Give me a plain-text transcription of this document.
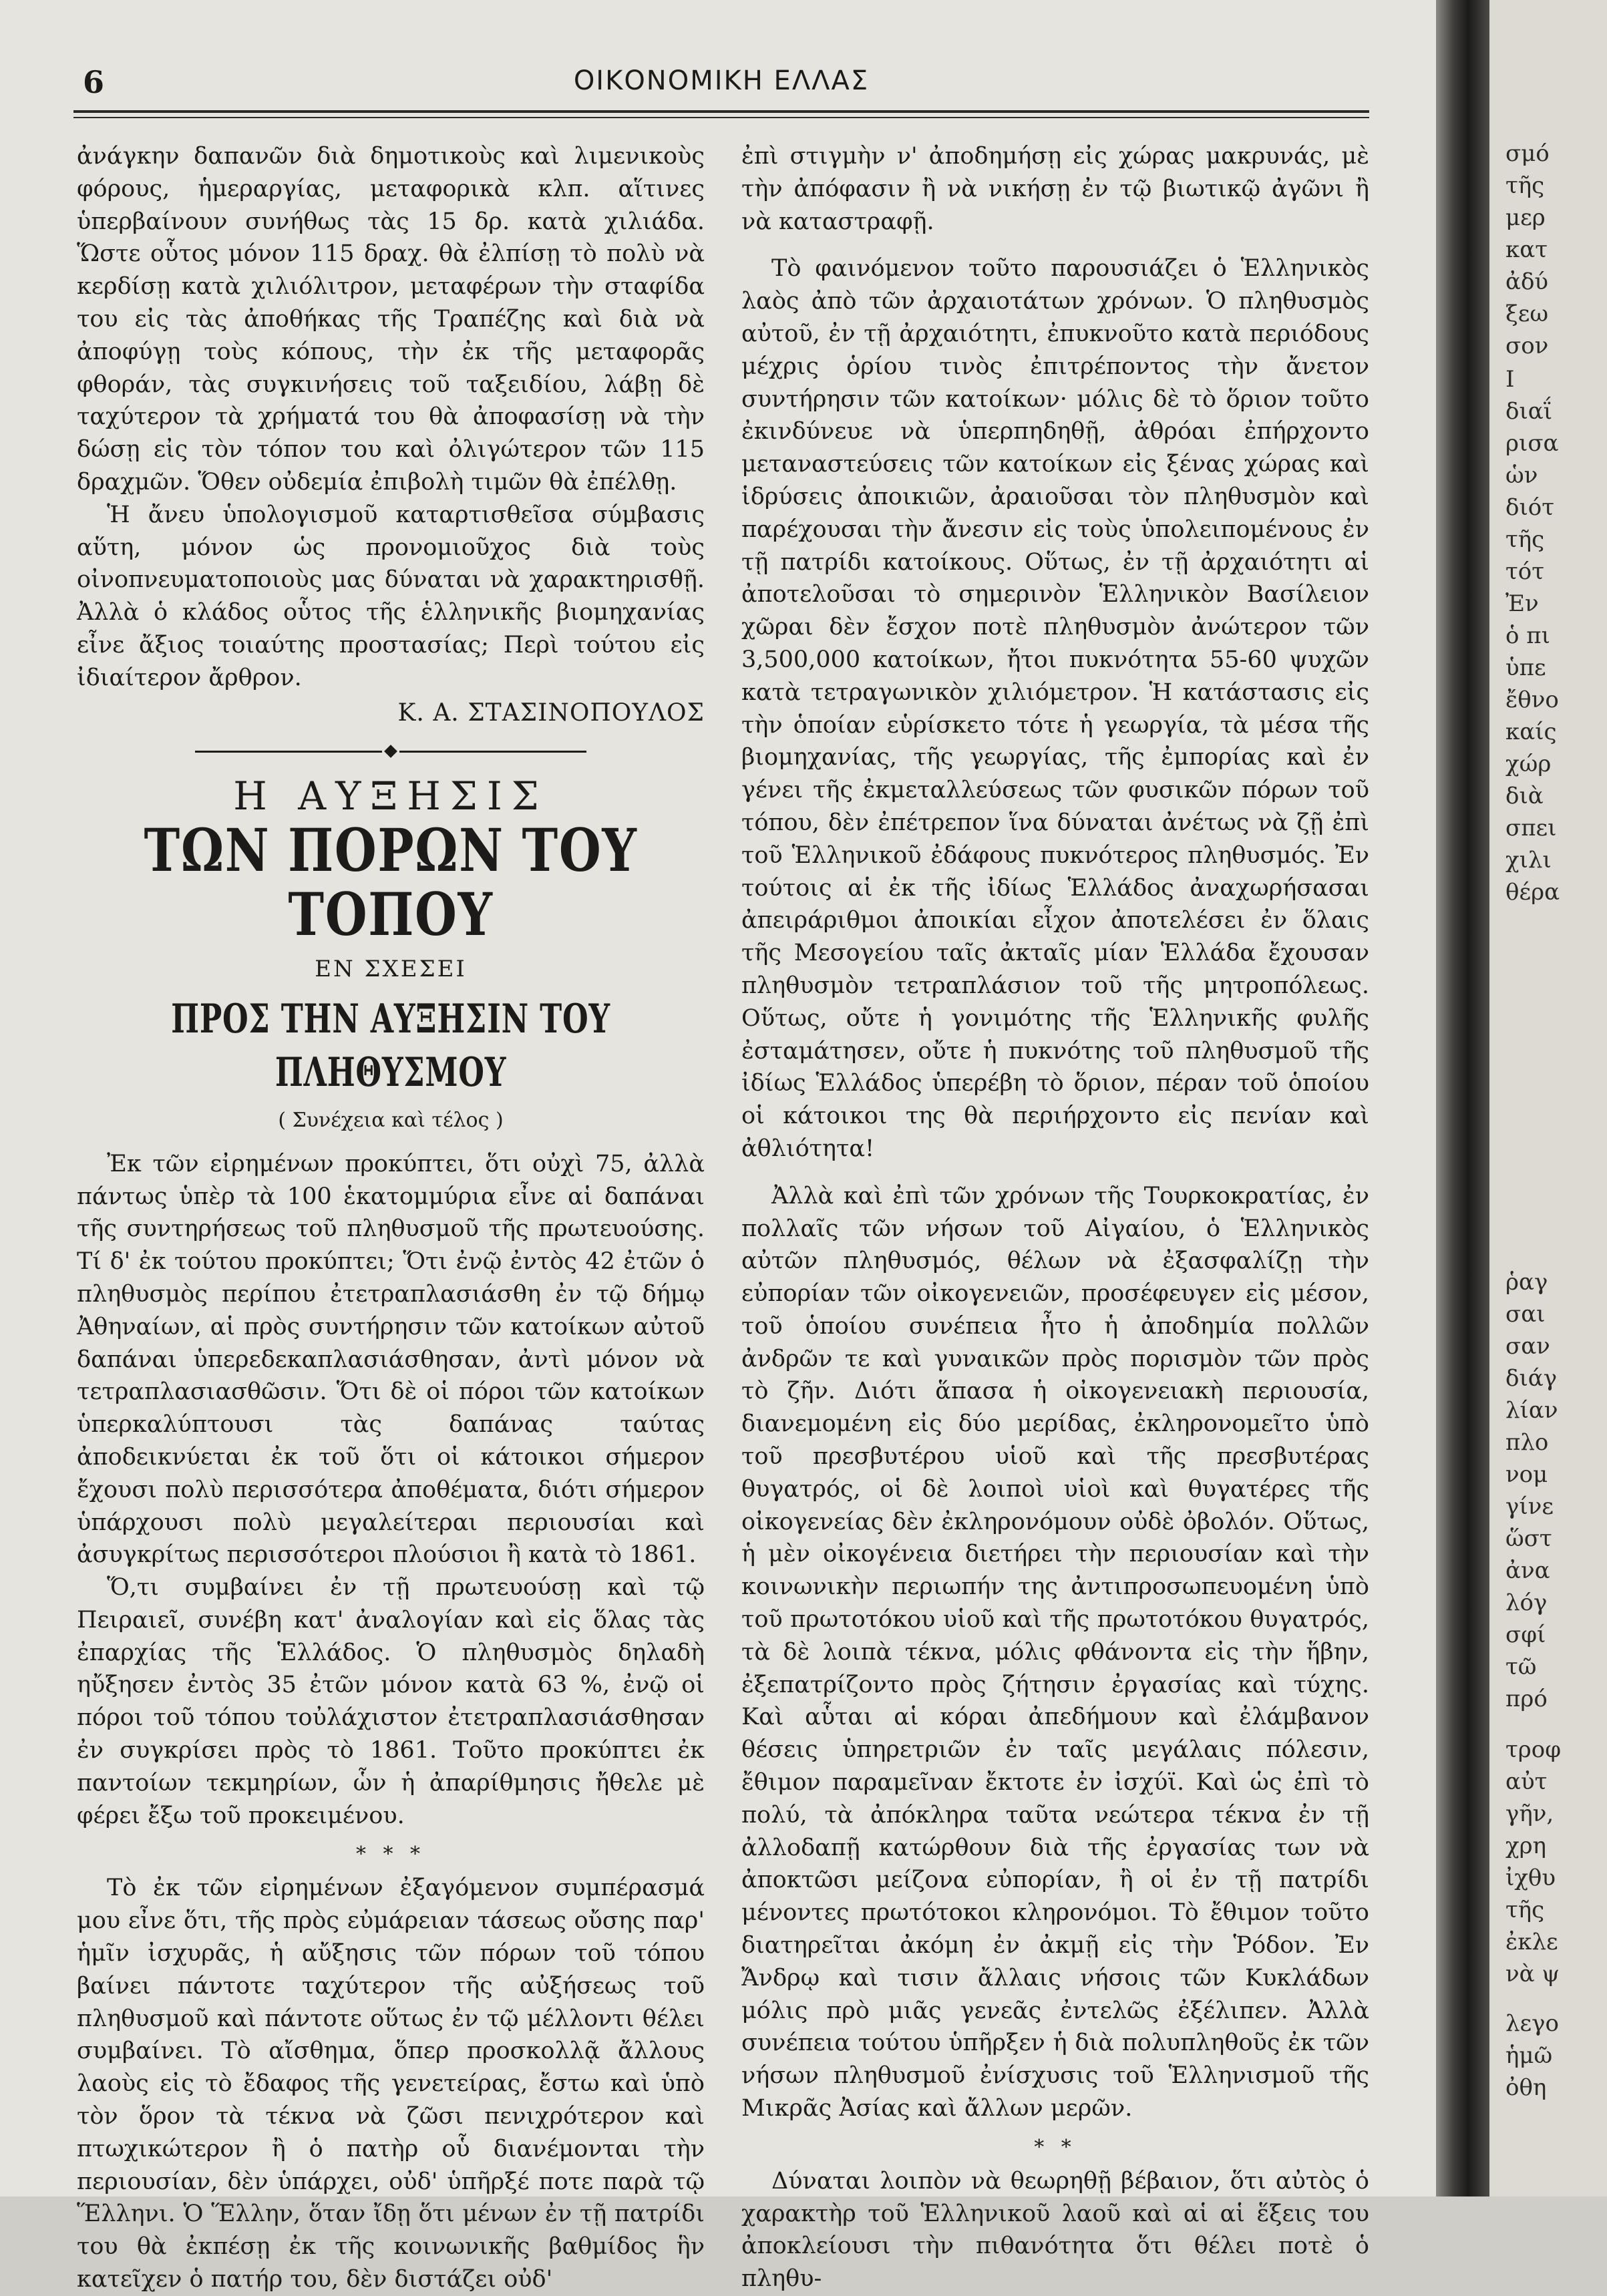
6	ΟΙΚΟΝΟΜΙΚΗ ΕΛΛΑΣ

ἀνάγκην δαπανῶν διὰ δημοτικοὺς καὶ λιμενικοὺς φόρους, ἡμεραργίας, μεταφορικὰ κλπ. αἵτινες ὑπερβαίνουν συνήθως τὰς 15 δρ. κατὰ χιλιάδα. Ὥστε οὗτος μόνον 115 δραχ. θὰ ἐλπίσῃ τὸ πολὺ νὰ κερδίσῃ κατὰ χιλιόλιτρον, μεταφέρων τὴν σταφίδα του εἰς τὰς ἀποθήκας τῆς Τραπέζης καὶ διὰ νὰ ἀποφύγῃ τοὺς κόπους, τὴν ἐκ τῆς μεταφορᾶς φθοράν, τὰς συγκινήσεις τοῦ ταξειδίου, λάβῃ δὲ ταχύτερον τὰ χρήματά του θὰ ἀποφασίσῃ νὰ τὴν δώσῃ εἰς τὸν τόπον του καὶ ὀλιγώτερον τῶν 115 δραχμῶν. Ὅθεν οὐδεμία ἐπιβολὴ τιμῶν θὰ ἐπέλθῃ.

Ἡ ἄνευ ὑπολογισμοῦ καταρτισθεῖσα σύμβασις αὕτη, μόνον ὡς προνομιοῦχος διὰ τοὺς οἰνοπνευματοποιοὺς μας δύναται νὰ χαρακτηρισθῇ. Ἀλλὰ ὁ κλάδος οὗτος τῆς ἑλληνικῆς βιομηχανίας εἶνε ἄξιος τοιαύτης προστασίας; Περὶ τούτου εἰς ἰδιαίτερον ἄρθρον.

Κ. Α. ΣΤΑΣΙΝΟΠΟΥΛΟΣ

Η ΑΥΞΗΣΙΣ

ΤΩΝ ΠΟΡΩΝ ΤΟΥ ΤΟΠΟΥ

ΕΝ ΣΧΕΣΕΙ

ΠΡΟΣ ΤΗΝ ΑΥΞΗΣΙΝ ΤΟΥ ΠΛΗΘΥΣΜΟΥ

( Συνέχεια καὶ τέλος )

Ἐκ τῶν εἰρημένων προκύπτει, ὅτι οὐχὶ 75, ἀλλὰ πάντως ὑπὲρ τὰ 100 ἑκατομμύρια εἶνε αἱ δαπάναι τῆς συντηρήσεως τοῦ πληθυσμοῦ τῆς πρωτευούσης. Τί δ' ἐκ τούτου προκύπτει; Ὅτι ἐνῷ ἐντὸς 42 ἐτῶν ὁ πληθυσμὸς περίπου ἐτετραπλασιάσθη ἐν τῷ δήμῳ Ἀθηναίων, αἱ πρὸς συντήρησιν τῶν κατοίκων αὐτοῦ δαπάναι ὑπερεδεκαπλασιάσθησαν, ἀντὶ μόνον νὰ τετραπλασιασθῶσιν. Ὅτι δὲ οἱ πόροι τῶν κατοίκων ὑπερκαλύπτουσι τὰς δαπάνας ταύτας ἀποδεικνύεται ἐκ τοῦ ὅτι οἱ κάτοικοι σήμερον ἔχουσι πολὺ περισσότερα ἀποθέματα, διότι σήμερον ὑπάρχουσι πολὺ μεγαλείτεραι περιουσίαι καὶ ἀσυγκρίτως περισσότεροι πλούσιοι ἢ κατὰ τὸ 1861.

Ὅ,τι συμβαίνει ἐν τῇ πρωτευούσῃ καὶ τῷ Πειραιεῖ, συνέβη κατ' ἀναλογίαν καὶ εἰς ὅλας τὰς ἐπαρχίας τῆς Ἑλλάδος. Ὁ πληθυσμὸς δηλαδὴ ηὔξησεν ἐντὸς 35 ἐτῶν μόνον κατὰ 63 %, ἐνῷ οἱ πόροι τοῦ τόπου τοὐλάχιστον ἐτετραπλασιάσθησαν ἐν συγκρίσει πρὸς τὸ 1861. Τοῦτο προκύπτει ἐκ παντοίων τεκμηρίων, ὧν ἡ ἀπαρίθμησις ἤθελε μὲ φέρει ἔξω τοῦ προκειμένου.

* * *

Τὸ ἐκ τῶν εἰρημένων ἐξαγόμενον συμπέρασμά μου εἶνε ὅτι, τῆς πρὸς εὐμάρειαν τάσεως οὔσης παρ' ἡμῖν ἰσχυρᾶς, ἡ αὔξησις τῶν πόρων τοῦ τόπου βαίνει πάντοτε ταχύτερον τῆς αὐξήσεως τοῦ πληθυσμοῦ καὶ πάντοτε οὕτως ἐν τῷ μέλλοντι θέλει συμβαίνει. Τὸ αἴσθημα, ὅπερ προσκολλᾷ ἄλλους λαοὺς εἰς τὸ ἔδαφος τῆς γενετείρας, ἔστω καὶ ὑπὸ τὸν ὅρον τὰ τέκνα νὰ ζῶσι πενιχρότερον καὶ πτωχικώτερον ἢ ὁ πατὴρ οὗ διανέμονται τὴν περιουσίαν, δὲν ὑπάρχει, οὐδ' ὑπῆρξέ ποτε παρὰ τῷ Ἕλληνι. Ὁ Ἕλλην, ὅταν ἴδῃ ὅτι μένων ἐν τῇ πατρίδι του θὰ ἐκπέσῃ ἐκ τῆς κοινωνικῆς βαθμίδος ἣν κατεῖχεν ὁ πατήρ του, δὲν διστάζει οὐδ'

ἐπὶ στιγμὴν ν' ἀποδημήσῃ εἰς χώρας μακρυνάς, μὲ τὴν ἀπόφασιν ἢ νὰ νικήσῃ ἐν τῷ βιωτικῷ ἀγῶνι ἢ νὰ καταστραφῇ.

Τὸ φαινόμενον τοῦτο παρουσιάζει ὁ Ἑλληνικὸς λαὸς ἀπὸ τῶν ἀρχαιοτάτων χρόνων. Ὁ πληθυσμὸς αὐτοῦ, ἐν τῇ ἀρχαιότητι, ἐπυκνοῦτο κατὰ περιόδους μέχρις ὁρίου τινὸς ἐπιτρέποντος τὴν ἄνετον συντήρησιν τῶν κατοίκων· μόλις δὲ τὸ ὅριον τοῦτο ἐκινδύνευε νὰ ὑπερπηδηθῇ, ἀθρόαι ἐπήρχοντο μεταναστεύσεις τῶν κατοίκων εἰς ξένας χώρας καὶ ἱδρύσεις ἀποικιῶν, ἀραιοῦσαι τὸν πληθυσμὸν καὶ παρέχουσαι τὴν ἄνεσιν εἰς τοὺς ὑπολειπομένους ἐν τῇ πατρίδι κατοίκους. Οὕτως, ἐν τῇ ἀρχαιότητι αἱ ἀποτελοῦσαι τὸ σημερινὸν Ἑλληνικὸν Βασίλειον χῶραι δὲν ἔσχον ποτὲ πληθυσμὸν ἀνώτερον τῶν 3,500,000 κατοίκων, ἤτοι πυκνότητα 55-60 ψυχῶν κατὰ τετραγωνικὸν χιλιόμετρον. Ἡ κατάστασις εἰς τὴν ὁποίαν εὑρίσκετο τότε ἡ γεωργία, τὰ μέσα τῆς βιομηχανίας, τῆς γεωργίας, τῆς ἐμπορίας καὶ ἐν γένει τῆς ἐκμεταλλεύσεως τῶν φυσικῶν πόρων τοῦ τόπου, δὲν ἐπέτρεπον ἵνα δύναται ἀνέτως νὰ ζῇ ἐπὶ τοῦ Ἑλληνικοῦ ἐδάφους πυκνότερος πληθυσμός. Ἐν τούτοις αἱ ἐκ τῆς ἰδίως Ἑλλάδος ἀναχωρήσασαι ἀπειράριθμοι ἀποικίαι εἶχον ἀποτελέσει ἐν ὅλαις τῆς Μεσογείου ταῖς ἀκταῖς μίαν Ἑλλάδα ἔχουσαν πληθυσμὸν τετραπλάσιον τοῦ τῆς μητροπόλεως. Οὕτως, οὔτε ἡ γονιμότης τῆς Ἑλληνικῆς φυλῆς ἐσταμάτησεν, οὔτε ἡ πυκνότης τοῦ πληθυσμοῦ τῆς ἰδίως Ἑλλάδος ὑπερέβη τὸ ὅριον, πέραν τοῦ ὁποίου οἱ κάτοικοι της θὰ περιήρχοντο εἰς πενίαν καὶ ἀθλιότητα!

Ἀλλὰ καὶ ἐπὶ τῶν χρόνων τῆς Τουρκοκρατίας, ἐν πολλαῖς τῶν νήσων τοῦ Αἰγαίου, ὁ Ἑλληνικὸς αὐτῶν πληθυσμός, θέλων νὰ ἐξασφαλίζῃ τὴν εὐπορίαν τῶν οἰκογενειῶν, προσέφευγεν εἰς μέσον, τοῦ ὁποίου συνέπεια ἦτο ἡ ἀποδημία πολλῶν ἀνδρῶν τε καὶ γυναικῶν πρὸς πορισμὸν τῶν πρὸς τὸ ζῆν. Διότι ἅπασα ἡ οἰκογενειακὴ περιουσία, διανεμομένη εἰς δύο μερίδας, ἐκληρονομεῖτο ὑπὸ τοῦ πρεσβυτέρου υἱοῦ καὶ τῆς πρεσβυτέρας θυγατρός, οἱ δὲ λοιποὶ υἱοὶ καὶ θυγατέρες τῆς οἰκογενείας δὲν ἐκληρονόμουν οὐδὲ ὀβολόν. Οὕτως, ἡ μὲν οἰκογένεια διετήρει τὴν περιουσίαν καὶ τὴν κοινωνικὴν περιωπήν της ἀντιπροσωπευομένη ὑπὸ τοῦ πρωτοτόκου υἱοῦ καὶ τῆς πρωτοτόκου θυγατρός, τὰ δὲ λοιπὰ τέκνα, μόλις φθάνοντα εἰς τὴν ἥβην, ἐξεπατρίζοντο πρὸς ζήτησιν ἐργασίας καὶ τύχης. Καὶ αὗται αἱ κόραι ἀπεδήμουν καὶ ἐλάμβανον θέσεις ὑπηρετριῶν ἐν ταῖς μεγάλαις πόλεσιν, ἔθιμον παραμεῖναν ἔκτοτε ἐν ἰσχύϊ. Καὶ ὡς ἐπὶ τὸ πολύ, τὰ ἀπόκληρα ταῦτα νεώτερα τέκνα ἐν τῇ ἀλλοδαπῇ κατώρθουν διὰ τῆς ἐργασίας των νὰ ἀποκτῶσι μείζονα εὐπορίαν, ἢ οἱ ἐν τῇ πατρίδι μένοντες πρωτότοκοι κληρονόμοι. Τὸ ἔθιμον τοῦτο διατηρεῖται ἀκόμη ἐν ἀκμῇ εἰς τὴν Ῥόδον. Ἐν Ἄνδρῳ καὶ τισιν ἄλλαις νήσοις τῶν Κυκλάδων μόλις πρὸ μιᾶς γενεᾶς ἐντελῶς ἐξέλιπεν. Ἀλλὰ συνέπεια τούτου ὑπῆρξεν ἡ διὰ πολυπληθοῦς ἐκ τῶν νήσων πληθυσμοῦ ἐνίσχυσις τοῦ Ἑλληνισμοῦ τῆς Μικρᾶς Ἀσίας καὶ ἄλλων μερῶν.

* *

Δύναται λοιπὸν νὰ θεωρηθῇ βέβαιον, ὅτι αὐτὸς ὁ χαρακτὴρ τοῦ Ἑλληνικοῦ λαοῦ καὶ αἱ αἱ ἕξεις του ἀποκλείουσι τὴν πιθανότητα ὅτι θέλει ποτὲ ὁ πληθυ-

σμό
τῆς
μερ
κατ
ἀδύ
ξεω
σον
Ι
διαΐ
ρισα
ὡν
διότ
τῆς
τότ
Ἐν
ὁ πι
ὑπε
ἔθνο
καίς
χώρ
διὰ
σπει
χιλι
θέρα
ῥαγ
σαι
σαν
διάγ
λίαν
πλο
νομ
γίνε
ὥστ
ἀνα
λόγ
σφί
τῶ
πρό
τροφ
αὐτ
γῆν,
χρη
ἰχθυ
τῆς
ἐκλε
νὰ ψ
λεγο
ἡμῶ
ὀθη
